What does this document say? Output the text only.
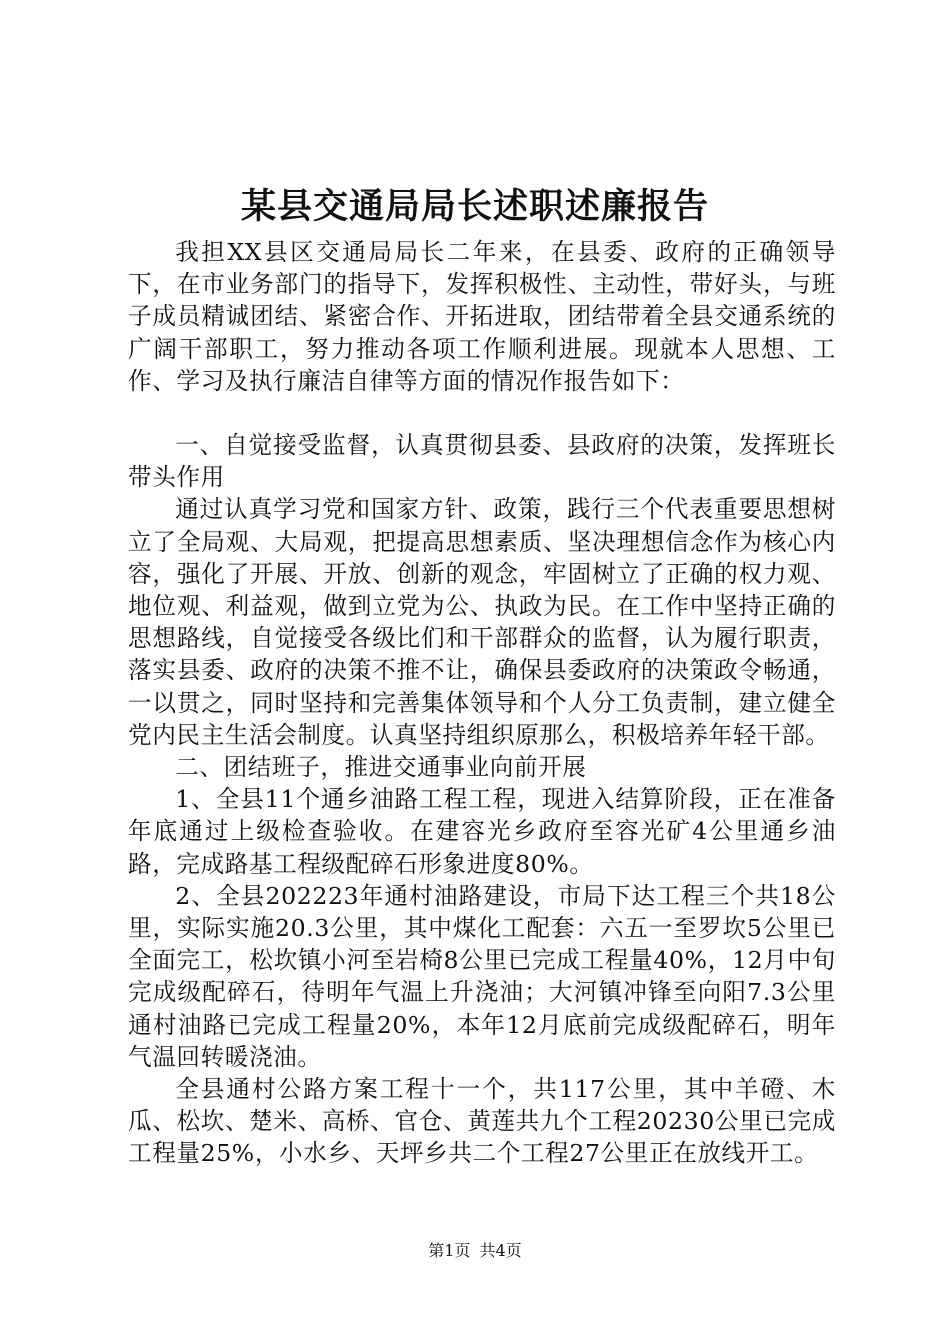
某县交通局局长述职述廉报告

我担XX县区交通局局长二年来，在县委、政府的正确领导下，在市业务部门的指导下，发挥积极性、主动性，带好头，与班子成员精诚团结、紧密合作、开拓进取，团结带着全县交通系统的广阔干部职工，努力推动各项工作顺利进展。现就本人思想、工作、学习及执行廉洁自律等方面的情况作报告如下：

一、自觉接受监督，认真贯彻县委、县政府的决策，发挥班长带头作用

通过认真学习党和国家方针、政策，践行三个代表重要思想树立了全局观、大局观，把提高思想素质、坚决理想信念作为核心内容，强化了开展、开放、创新的观念，牢固树立了正确的权力观、地位观、利益观，做到立党为公、执政为民。在工作中坚持正确的思想路线，自觉接受各级比们和干部群众的监督，认为履行职责，落实县委、政府的决策不推不让，确保县委政府的决策政令畅通，一以贯之，同时坚持和完善集体领导和个人分工负责制，建立健全党内民主生活会制度。认真坚持组织原那么，积极培养年轻干部。

二、团结班子，推进交通事业向前开展

1、全县11个通乡油路工程工程，现进入结算阶段，正在准备年底通过上级检查验收。在建容光乡政府至容光矿4公里通乡油路，完成路基工程级配碎石形象进度80%。

2、全县202223年通村油路建设，市局下达工程三个共18公里，实际实施20.3公里，其中煤化工配套：六五一至罗坎5公里已全面完工，松坎镇小河至岩椅8公里已完成工程量40%，12月中旬完成级配碎石，待明年气温上升浇油；大河镇冲锋至向阳7.3公里通村油路已完成工程量20%，本年12月底前完成级配碎石，明年气温回转暖浇油。

全县通村公路方案工程十一个，共117公里，其中羊磴、木瓜、松坎、楚米、高桥、官仓、黄莲共九个工程20230公里已完成工程量25%，小水乡、天坪乡共二个工程27公里正在放线开工。

第1页 共4页
